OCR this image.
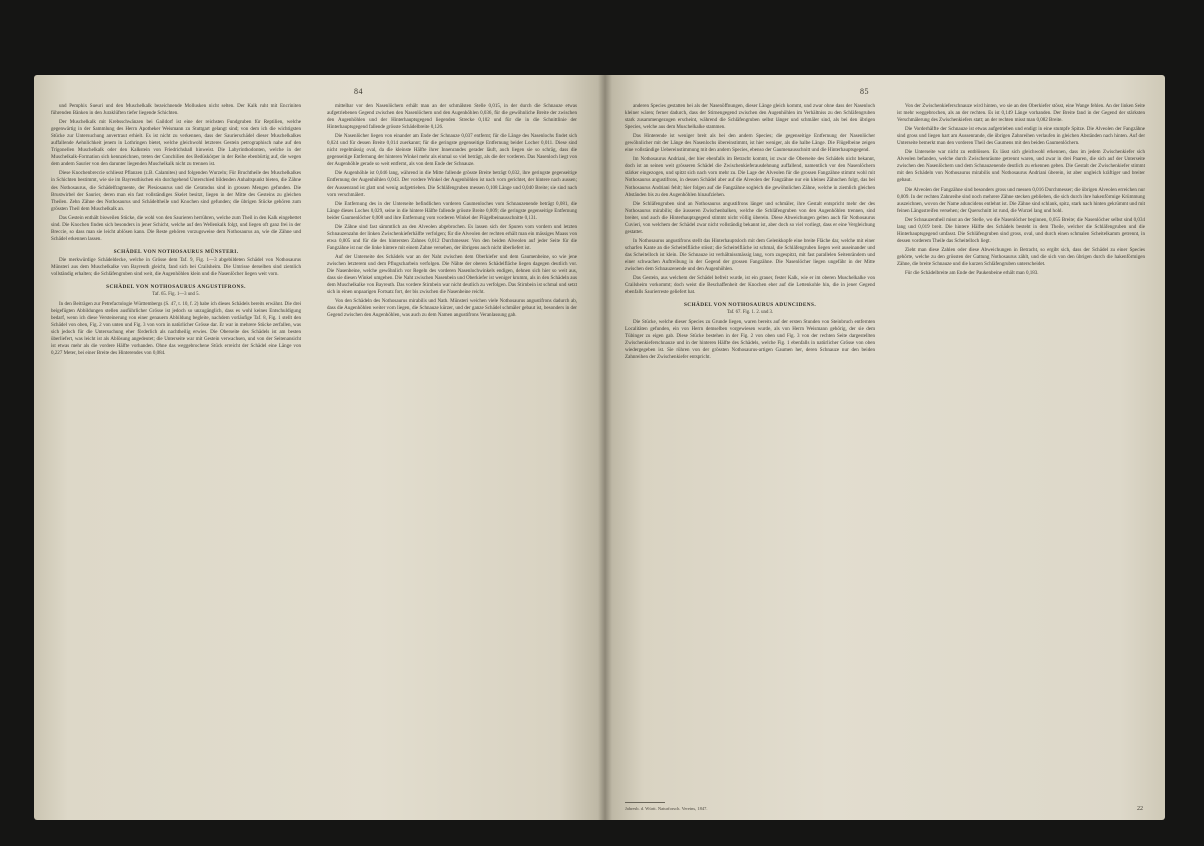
84

und Pemphix Sueuri und den Muschelkalk bezeichnende Mollusken nicht selten. Der Kalk ruht mit Encriniten führenden Bänken in den Juraklüften tiefer liegende Schichten.

Der Muschelkalk mit Krebsschwänzen bei Gaildorf ist eine der reichsten Fundgruben für Reptilien, welche gegenwärtig in der Sammlung des Herrn Apotheker Weismann zu Stuttgart gelangt sind; von dem ich die wichtigsten Stücke zur Untersuchung anvertraut erhielt. Es ist nicht zu verkennen, dass der Saurierschädel dieser Muschelkalkes auffallende Aehnlichkeit jenem in Lothringen bietet, welche gleichwohl letzteres Gestein petrographisch nahe auf den Trigonellen Muschelkalk oder den Kalkstein von Friedrichshall hinweist. Die Labyrinthodonten, welche in der Muschelkalk-Formation sich kennzeichnen, treten der Conchilien des Bedüskörper in der Reihe ebenbürtig auf, die wegen dem andern Saurier von den darunter liegenden Muschelkalk nicht zu trennen ist.

Diese Knochenbreccie schliesst Pflanzen (z.B. Calamites) und folgenden Wurzeln; Für Bruchtheile des Muschelkalkes in Schichten bestimmt, wie sie im Bayreuthischen ein durchgehend Unterschied bildenden Anhaltspunkt bieten, die Zähne des Nothosaurus, die Schädelfragmente, der Plesiosaurus und die Ceratodus sind in grossen Mengen gefunden. Die Brustwirbel der Saurier, deren man ein fast vollständiges Skelet besitzt, liegen in der Mitte des Gesteins zu gleichen Theilen. Zehn Zähne des Nothosaurus und Schädeltheile und Knochen sind gefunden; die übrigen Stücke gehören zum grössten Theil dem Muschelkalk an.

Das Gestein enthält bisweilen Stücke, die wohl von den Saurieren herrühren, welche zum Theil in den Kalk eingebettet sind. Die Knochen finden sich besonders in jener Schicht, welche auf den Wellenkalk folgt, und liegen oft ganz frei in der Breccie, so dass man sie leicht ablösen kann. Die Reste gehören vorzugsweise dem Nothosaurus an, wie die Zähne und Schädel erkennen lassen.

SCHÄDEL VON NOTHOSAURUS MÜNSTERI.

Die merkwürdige Schädeldecke, welche in Grösse dem Taf. 9, Fig. 1—3 abgebildeten Schädel von Nothosaurus Münsteri aus dem Muschelkalke von Bayreuth gleicht, fand sich bei Crailsheim. Die Umrisse derselben sind ziemlich vollständig erhalten; die Schläfengruben sind weit, die Augenhöhlen klein und die Nasenlöcher liegen weit vorn.

SCHÄDEL VON NOTHOSAURUS ANGUSTIFRONS.
Taf. 65. Fig. 1—3 und 5.

In den Beiträgen zur Petrefactologie Württembergs (S. 47, t. 10, f. 2) habe ich dieses Schädels bereits erwähnt. Die drei beigefügten Abbildungen stellen ausführlicher Grösse ist jedoch so unzugänglich, dass es wohl keines Entschuldigung bedarf, wenn ich diese Versteinerung von einer genauern Abbildung begleite, nachdem vorläufige Taf. 8, Fig. 1 stellt den Schädel von oben, Fig. 2 von unten und Fig. 3 von vorn in natürlicher Grösse dar. Er war in mehrere Stücke zerfallen, was sich jedoch für die Untersuchung eher förderlich als nachtheilig erwies. Die Oberseite des Schädels ist am besten überliefert, was leicht ist als Ablösung angedeutet; die Unterseite war mit Gestein verwachsen, und von der Seitenansicht ist etwas mehr als die vordere Hälfte vorhanden. Ohne das weggebrochene Stück erreicht der Schädel eine Länge von 0,227 Meter, bei einer Breite des Hinterendes von 0,084.

mittelbar vor den Nasenlöchern erhält man an der schmälsten Stelle 0,015, in der durch die Schnauze etwas aufgetriebenen Gegend zwischen den Nasenlöchern und den Augenhöhlen 0,036, für die gewöhnliche Breite der zwischen den Augenhöhlen und der Hinterhauptsgegend liegenden Strecke 0,102 und für die in die Schnittlinie der Hinterhauptsgegend fallende grösste Schädelbreite 0,126.

Die Nasenlöcher liegen von einander am Ende der Schnauze 0,037 entfernt; für die Länge des Nasenlochs findet sich 0,024 und für dessen Breite 0,014 zuerkannt; für die geringste gegenseitige Entfernung beider Locher 0,011. Diese sind nicht regelmässig oval, da die kleinste Hälfte ihrer Innenrandes gerader läuft, auch liegen sie so schräg, dass die gegenseitige Entfernung der hinteren Winkel mehr als einmal so viel beträgt, als die der vorderen. Das Nasenloch liegt von der Augenhöhle gerade so weit entfernt, als von dem Ende der Schnauze.

Die Augenhöhle ist 0,046 lang, während in die Mitte fallende grösste Breite beträgt 0,032, ihre geringste gegenseitige Entfernung der Augenhöhlen 0,043. Der vordere Winkel der Augenhöhlen ist nach vorn gerichtet, der hintere nach aussen; der Aussenrand ist glatt und wenig aufgetrieben. Die Schläfengruben messen 0,108 Länge und 0,040 Breite; sie sind nach vorn verschmälert.

Die Entfernung des in der Unterseite befindlichen vorderen Gaumenloches vom Schnauzenende beträgt 0,081, die Länge dieses Loches 0,029, seine in die hintere Hälfte fallende grösste Breite 0,009; die geringste gegenseitige Entfernung beider Gaumenlöcher 0,008 und ihre Entfernung vom vorderen Winkel der Flügelbeinausschnitte 0,131.

Die Zähne sind fast sämmtlich an den Alveolen abgebrochen. Es lassen sich der Spuren vom vordern und letzten Schnauzenzahn der linken Zwischenkieferhälfte verfolgen; für die Alveolen der rechten erhält man ein mässiges Maass von etwa 0,005 und für die des hintersten Zahnes 0,012 Durchmesser. Von den beiden Alveolen auf jeder Seite für die Fangzähne ist nur die linke hintere mit einem Zahne versehen, der übrigens auch nicht überliefert ist.

Auf der Unterseite des Schädels war an der Naht zwischen dem Oberkiefer und dem Gaumenbeine, so wie jene zwischen letzterem und dem Pflugscharbein verfolgen. Die Nähte der oberen Schädelfläche liegen dagegen deutlich vor. Die Nasenbeine, welche gewöhnlich vor Regeln des vorderen Nasenlochwinkels endigen, dehnen sich hier so weit aus, dass sie diesen Winkel umgehen. Die Naht zwischen Nasenbein und Oberkiefer ist weniger krumm, als in den Schädeln aus dem Muschelkalke von Bayreuth. Das vordere Stirnbein war nicht deutlich zu verfolgen. Das Stirnbein ist schmal und setzt sich in einen unpaarigen Fortsatz fort, der bis zwischen die Nasenbeine reicht.

Von den Schädeln des Nothosaurus mirabilis und Nath. Münsteri weichen viele Nothosaurus angustifrons dadurch ab, dass die Augenhöhlen weiter vorn liegen, die Schnauze kürzer, und der ganze Schädel schmäler gebaut ist, besonders in der Gegend zwischen den Augenhöhlen, was auch zu dem Namen angustifrons Veranlassung gab.

85

anderen Species gestatten bei als der Nasenöffnungen, dieser Länge gleich kommt, und zwar ohne dass der Nasenloch kleiner wären; ferner dadurch, dass der Stirnengegend zwischen den Augenhöhlen im Verhältniss zu den Schläfengruben stark zusammengezogen erscheint, während die Schläfengruben selbst länger und schmäler sind, als bei den übrigen Species, welche aus dem Muschelkalke stammen.

Das Hinterende ist weniger breit als bei den andern Species; die gegenseitige Entfernung der Nasenlöcher gewöhnlicher mit der Länge des Nasenlochs übereinstimmt, ist hier weniger, als die halbe Länge. Die Flügelbeine zeigen eine vollständige Uebereinstimmung mit den andern Species, ebenso der Gaumenausschnitt und die Hinterhauptsgegend.

Im Nothosaurus Andriani, der hier ebenfalls im Betracht kommt, ist zwar die Oberseite des Schädels nicht bekannt, doch ist an seinen weit grösseren Schädel die Zwischenkieferausdehnung auffallend, namentlich vor den Nasenlöchern stärker eingezogen, und spitzt sich nach vorn mehr zu. Die Lage der Alveolen für die grossen Fangzähne stimmt wohl mit Nothosaurus angustifrons, in dessen Schädel aber auf die Alveolen der Fangzähne nur ein kleines Zähnchen folgt, das bei Nothosaurus Andriani fehlt; hier folgen auf die Fangzähne sogleich die gewöhnlichen Zähne, welche in ziemlich gleichen Abständen bis zu den Augenhöhlen hinaufziehen.

Die Schläfengruben sind an Nothosaurus angustifrons länger und schmäler, ihre Gestalt entspricht mehr der des Nothosaurus mirabilis; die äusseren Zwischenbalken, welche die Schläfengruben von den Augenhöhlen trennen, sind breiter, und auch die Hinterhauptsgegend stimmt nicht völlig überein. Diese Abweichungen gelten auch für Nothosaurus Cuvieri, von welchem der Schädel zwar nicht vollständig bekannt ist, aber doch so viel vorliegt, dass er eine Vergleichung gestattet.

In Nothosaurus angustifrons stellt das Hinterhauptsloch mit dem Gelenkkopfe eine breite Fläche dar, welche mit einer scharfen Kante an die Scheitelfläche stösst; die Scheitelfläche ist schmal, die Schläfengruben liegen weit auseinander und das Scheitelloch ist klein. Die Schnauze ist verhältnissmässig lang, vorn zugespitzt, mit fast parallelen Seitenrändern und einer schwachen Auftreibung in der Gegend der grossen Fangzähne. Die Nasenlöcher liegen ungefähr in der Mitte zwischen dem Schnauzenende und den Augenhöhlen.

Das Gestein, aus welchem der Schädel befreit wurde, ist ein grauer, fester Kalk, wie er im oberen Muschelkalke von Crailsheim vorkommt; doch weist die Beschaffenheit der Knochen eher auf die Lettenkohle hin, die in jener Gegend ebenfalls Saurierreste geliefert hat.

SCHÄDEL VON NOTHOSAURUS ADUNCIDENS.
Taf. 67. Fig. 1. 2. und 3.

Die Stücke, welche dieser Species zu Grunde liegen, waren bereits auf der ersten Stunden von Steinbruch entfernten Localitäten gefunden, ein von Herrn demselben vorgewiesen wurde, als von Herrn Weismann gehörig, der sie dem Tübinger zu eigen gab. Diese Stücke bestehen in der Fig. 2 von oben und Fig. 3 von der rechten Seite dargestellten Zwischenkieferschnauze und in der hinteren Hälfte des Schädels, welche Fig. 1 ebenfalls in natürlicher Grösse von oben wiedergegeben ist. Sie rühren von der grössten Nothosaurus-artigen Gaumen her, deren Schnauze nur den beiden Zahnreihen der Zwischenkiefer entspricht.

Von der Zwischenkieferschnauze wird hinten, wo sie an den Oberkiefer stösst, eine Wange fehlen. An der linken Seite ist mehr weggebrochen, als an der rechten. Es ist 0,149 Länge vorhanden. Der Breite fand in der Gegend der stärksten Verschmälerung des Zwischenkiefers statt; an der rechten misst man 0,082 Breite.

Die Vorderhälfte der Schnauze ist etwas aufgetrieben und endigt in eine stumpfe Spitze. Die Alveolen der Fangzähne sind gross und liegen hart am Aussenrande, die übrigen Zahnreihen verlaufen in gleichen Abständen nach hinten. Auf der Unterseite bemerkt man den vorderen Theil des Gaumens mit den beiden Gaumenlöchern.

Die Unterseite war nicht zu entblössen. Es lässt sich gleichwohl erkennen, dass im jedem Zwischenkiefer sich Alveolen befanden, welche durch Zwischenräume getrennt waren, und zwar in drei Paaren, die sich auf der Unterseite zwischen den Nasenlöchern und dem Schnauzenende deutlich zu erkennen geben. Die Gestalt der Zwischenkiefer stimmt mit den Schädeln von Nothosaurus mirabilis und Nothosaurus Andriani überein, ist aber ungleich kräftiger und breiter gebaut.

Die Alveolen der Fangzähne sind besonders gross und messen 0,016 Durchmesser; die übrigen Alveolen erreichen nur 0,009. In der rechten Zahnreihe sind noch mehrere Zähne stecken geblieben, die sich durch ihre hakenförmige Krümmung auszeichnen, wovon der Name aduncidens entlehnt ist. Die Zähne sind schlank, spitz, stark nach hinten gekrümmt und mit feinen Längsstreifen versehen; der Querschnitt ist rund, die Wurzel lang und hohl.

Der Schnauzentheil misst an der Stelle, wo die Nasenlöcher beginnen, 0,055 Breite; die Nasenlöcher selbst sind 0,034 lang und 0,019 breit. Die hintere Hälfte des Schädels besteht in dem Theile, welcher die Schläfengruben und die Hinterhauptsgegend umfasst. Die Schläfengruben sind gross, oval, und durch einen schmalen Scheitelkamm getrennt, in dessen vorderem Theile das Scheitelloch liegt.

Zieht man diese Zahlen oder diese Abweichungen in Betracht, so ergibt sich, dass der Schädel zu einer Species gehörte, welche zu den grössten der Gattung Nothosaurus zählt, und die sich von den übrigen durch die hakenförmigen Zähne, die breite Schnauze und die kurzen Schläfengruben unterscheidet.

Für die Schädelbreite am Ende der Paukenbeine erhält man 0,183.

Jahresb. d. Württ. Naturforsch. Vereins, 1847.	22
